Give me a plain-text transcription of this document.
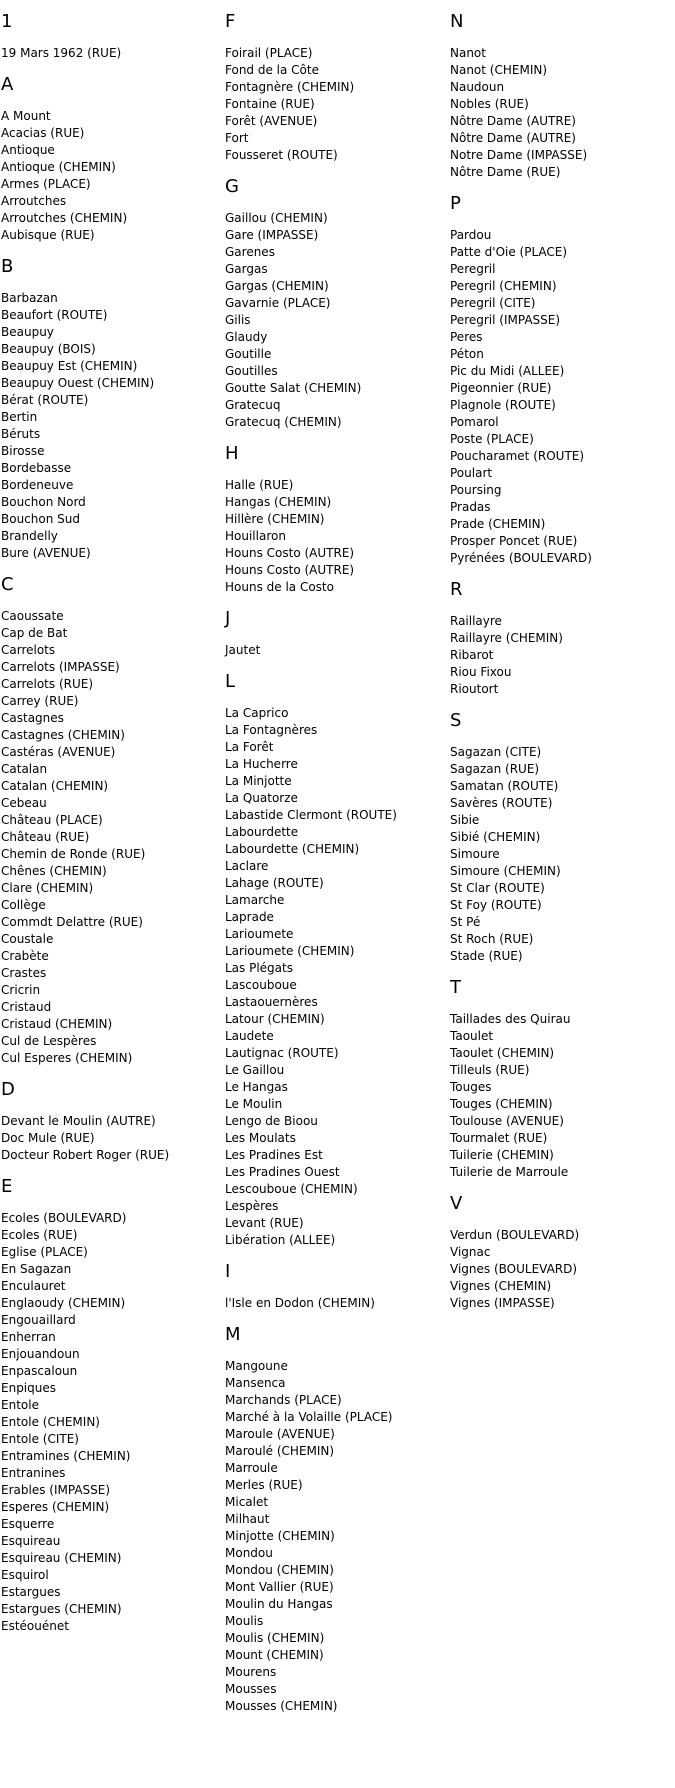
1
19 Mars 1962 (RUE)
A
A Mount
Acacias (RUE)
Antioque
Antioque (CHEMIN)
Armes (PLACE)
Arroutches
Arroutches (CHEMIN)
Aubisque (RUE)
B
Barbazan
Beaufort (ROUTE)
Beaupuy
Beaupuy (BOIS)
Beaupuy Est (CHEMIN)
Beaupuy Ouest (CHEMIN)
Bérat (ROUTE)
Bertin
Béruts
Birosse
Bordebasse
Bordeneuve
Bouchon Nord
Bouchon Sud
Brandelly
Bure (AVENUE)
C
Caoussate
Cap de Bat
Carrelots
Carrelots (IMPASSE)
Carrelots (RUE)
Carrey (RUE)
Castagnes
Castagnes (CHEMIN)
Castéras (AVENUE)
Catalan
Catalan (CHEMIN)
Cebeau
Château (PLACE)
Château (RUE)
Chemin de Ronde (RUE)
Chênes (CHEMIN)
Clare (CHEMIN)
Collège
Commdt Delattre (RUE)
Coustale
Crabète
Crastes
Cricrin
Cristaud
Cristaud (CHEMIN)
Cul de Lespères
Cul Esperes (CHEMIN)
D
Devant le Moulin (AUTRE)
Doc Mule (RUE)
Docteur Robert Roger (RUE)
E
Ecoles (BOULEVARD)
Ecoles (RUE)
Eglise (PLACE)
En Sagazan
Enculauret
Englaoudy (CHEMIN)
Engouaillard
Enherran
Enjouandoun
Enpascaloun
Enpiques
Entole
Entole (CHEMIN)
Entole (CITE)
Entramines (CHEMIN)
Entranines
Erables (IMPASSE)
Esperes (CHEMIN)
Esquerre
Esquireau
Esquireau (CHEMIN)
Esquirol
Estargues
Estargues (CHEMIN)
Estéouénet
F
Foirail (PLACE)
Fond de la Côte
Fontagnère (CHEMIN)
Fontaine (RUE)
Forêt (AVENUE)
Fort
Fousseret (ROUTE)
G
Gaillou (CHEMIN)
Gare (IMPASSE)
Garenes
Gargas
Gargas (CHEMIN)
Gavarnie (PLACE)
Gilis
Glaudy
Goutille
Goutilles
Goutte Salat (CHEMIN)
Gratecuq
Gratecuq (CHEMIN)
H
Halle (RUE)
Hangas (CHEMIN)
Hillère (CHEMIN)
Houillaron
Houns Costo (AUTRE)
Houns Costo (AUTRE)
Houns de la Costo
J
Jautet
L
La Caprico
La Fontagnères
La Forêt
La Hucherre
La Minjotte
La Quatorze
Labastide Clermont (ROUTE)
Labourdette
Labourdette (CHEMIN)
Laclare
Lahage (ROUTE)
Lamarche
Laprade
Larioumete
Larioumete (CHEMIN)
Las Plégats
Lascouboue
Lastaouernères
Latour (CHEMIN)
Laudete
Lautignac (ROUTE)
Le Gaillou
Le Hangas
Le Moulin
Lengo de Bioou
Les Moulats
Les Pradines Est
Les Pradines Ouest
Lescouboue (CHEMIN)
Lespères
Levant (RUE)
Libération (ALLEE)
I
l'Isle en Dodon (CHEMIN)
M
Mangoune
Mansenca
Marchands (PLACE)
Marché à la Volaille (PLACE)
Maroule (AVENUE)
Maroulé (CHEMIN)
Marroule
Merles (RUE)
Micalet
Milhaut
Minjotte (CHEMIN)
Mondou
Mondou (CHEMIN)
Mont Vallier (RUE)
Moulin du Hangas
Moulis
Moulis (CHEMIN)
Mount (CHEMIN)
Mourens
Mousses
Mousses (CHEMIN)
N
Nanot
Nanot (CHEMIN)
Naudoun
Nobles (RUE)
Nôtre Dame (AUTRE)
Nôtre Dame (AUTRE)
Notre Dame (IMPASSE)
Nôtre Dame (RUE)
P
Pardou
Patte d'Oie (PLACE)
Peregril
Peregril (CHEMIN)
Peregril (CITE)
Peregril (IMPASSE)
Peres
Péton
Pic du Midi (ALLEE)
Pigeonnier (RUE)
Plagnole (ROUTE)
Pomarol
Poste (PLACE)
Poucharamet (ROUTE)
Poulart
Poursing
Pradas
Prade (CHEMIN)
Prosper Poncet (RUE)
Pyrénées (BOULEVARD)
R
Raillayre
Raillayre (CHEMIN)
Ribarot
Riou Fixou
Rioutort
S
Sagazan (CITE)
Sagazan (RUE)
Samatan (ROUTE)
Savères (ROUTE)
Sibie
Sibié (CHEMIN)
Simoure
Simoure (CHEMIN)
St Clar (ROUTE)
St Foy (ROUTE)
St Pé
St Roch (RUE)
Stade (RUE)
T
Taillades des Quirau
Taoulet
Taoulet (CHEMIN)
Tilleuls (RUE)
Touges
Touges (CHEMIN)
Toulouse (AVENUE)
Tourmalet (RUE)
Tuilerie (CHEMIN)
Tuilerie de Marroule
V
Verdun (BOULEVARD)
Vignac
Vignes (BOULEVARD)
Vignes (CHEMIN)
Vignes (IMPASSE)
